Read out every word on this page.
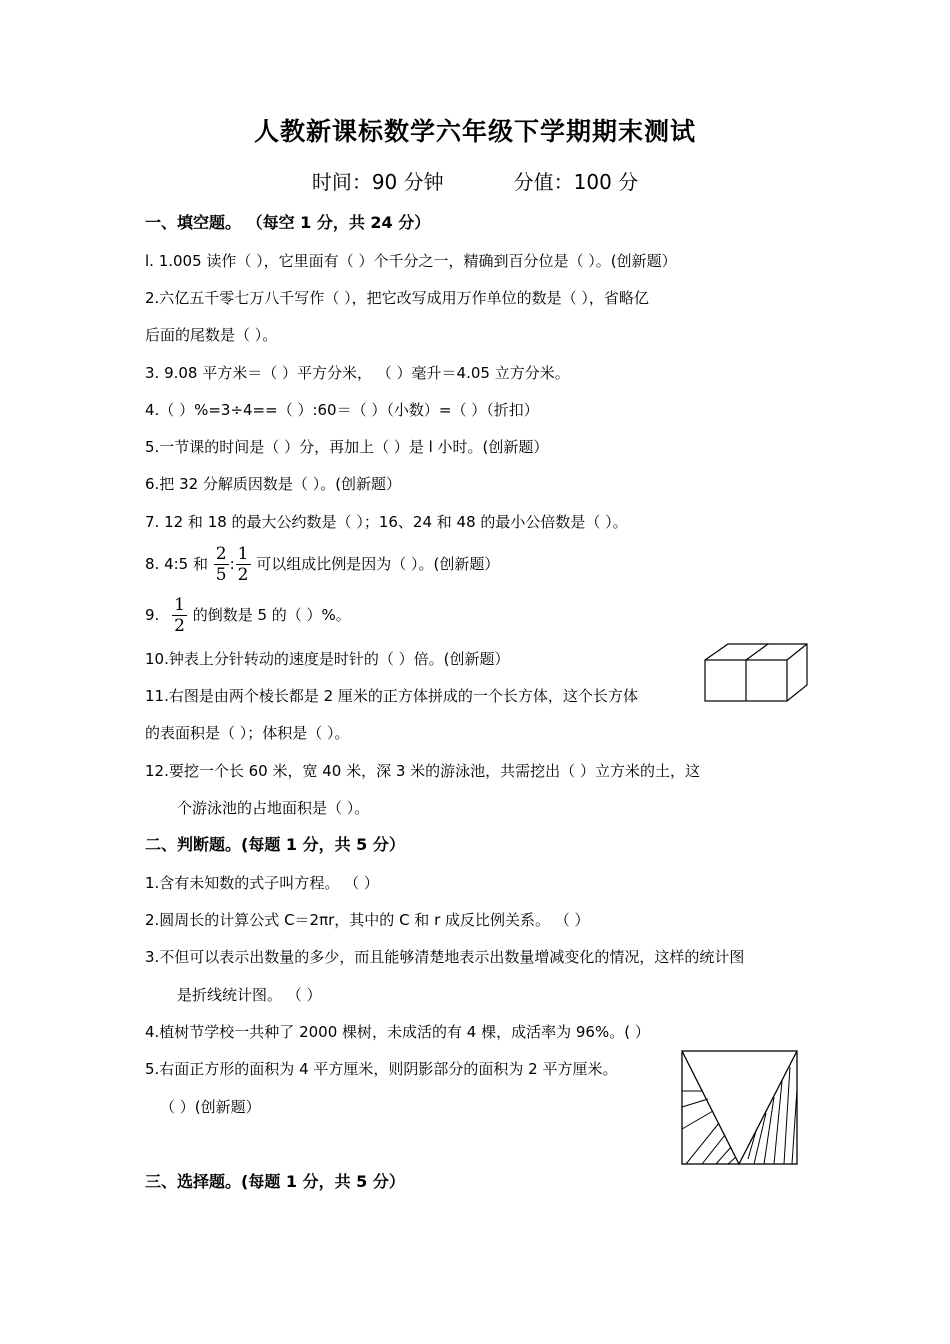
人教新课标数学六年级下学期期末测试
时间：90 分钟	分值：100 分
一、填空题。 （每空 1 分，共 24 分）
l. 1.005 读作（ ），它里面有（ ）个千分之一，精确到百分位是（ ）。(创新题）
2.六亿五千零七万八千写作（ ），把它改写成用万作单位的数是（ ），省略亿
后面的尾数是（ ）。
3. 9.08 平方米＝（ ）平方分米， （ ）毫升＝4.05 立方分米。
4.（ ）%=3÷4==（ ）:60＝（ ）（小数）=（ ）（折扣）
5.一节课的时间是（ ）分，再加上（ ）是 l 小时。(创新题）
6.把 32 分解质因数是（ ）。(创新题）
7. 12 和 18 的最大公约数是（ ）；16、24 和 48 的最小公倍数是（ ）。
8. 4:5 和 $\frac{2}{5}$ : $\frac{1}{2}$ 可以组成比例是因为（ ）。(创新题）
9. $\frac{1}{2}$ 的倒数是 5 的（ ）%。
10.钟表上分针转动的速度是时针的（ ）倍。(创新题）
11.右图是由两个棱长都是 2 厘米的正方体拼成的一个长方体，这个长方体
的表面积是（ ）；体积是（ ）。
12.要挖一个长 60 米，宽 40 米，深 3 米的游泳池，共需挖出（ ）立方米的土，这
个游泳池的占地面积是（ ）。
二、判断题。(每题 1 分，共 5 分）
1.含有未知数的式子叫方程。 （ ）
2.圆周长的计算公式 C＝2πr，其中的 C 和 r 成反比例关系。 （ ）
3.不但可以表示出数量的多少，而且能够清楚地表示出数量增减变化的情况，这样的统计图
是折线统计图。 （ ）
4.植树节学校一共种了 2000 棵树，未成活的有 4 棵，成活率为 96%。( ）
5.右面正方形的面积为 4 平方厘米，则阴影部分的面积为 2 平方厘米。
（ ）(创新题）
三、选择题。(每题 1 分，共 5 分）
